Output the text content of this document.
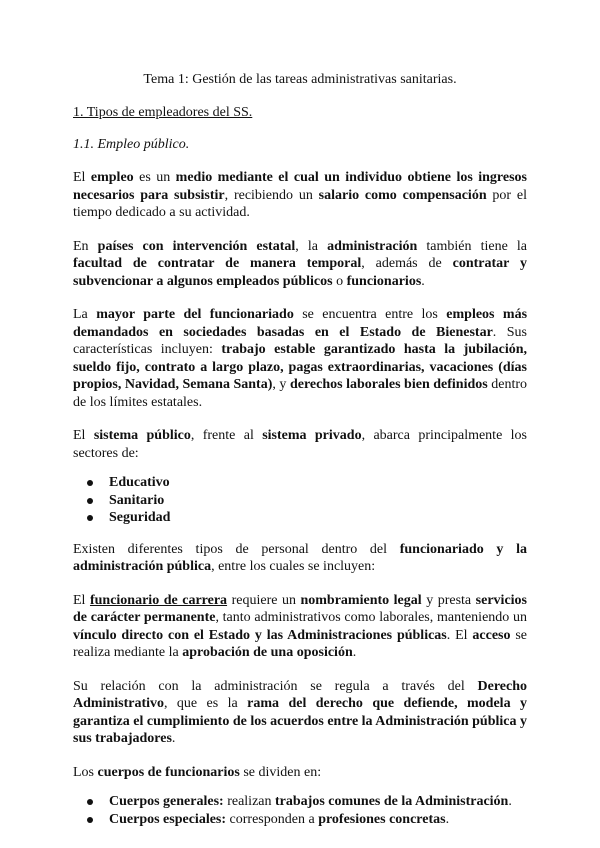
Tema 1: Gestión de las tareas administrativas sanitarias.
1. Tipos de empleadores del SS.
1.1. Empleo público.

El empleo es un medio mediante el cual un individuo obtiene los ingresos necesarios para subsistir, recibiendo un salario como compensación por el tiempo dedicado a su actividad.

En países con intervención estatal, la administración también tiene la facultad de contratar de manera temporal, además de contratar y subvencionar a algunos empleados públicos o funcionarios.

La mayor parte del funcionariado se encuentra entre los empleos más demandados en sociedades basadas en el Estado de Bienestar. Sus características incluyen: trabajo estable garantizado hasta la jubilación, sueldo fijo, contrato a largo plazo, pagas extraordinarias, vacaciones (días propios, Navidad, Semana Santa), y derechos laborales bien definidos dentro de los límites estatales.

El sistema público, frente al sistema privado, abarca principalmente los sectores de:

Educativo
Sanitario
Seguridad

Existen diferentes tipos de personal dentro del funcionariado y la administración pública, entre los cuales se incluyen:

El funcionario de carrera requiere un nombramiento legal y presta servicios de carácter permanente, tanto administrativos como laborales, manteniendo un vínculo directo con el Estado y las Administraciones públicas. El acceso se realiza mediante la aprobación de una oposición.

Su relación con la administración se regula a través del Derecho Administrativo, que es la rama del derecho que defiende, modela y garantiza el cumplimiento de los acuerdos entre la Administración pública y sus trabajadores.

Los cuerpos de funcionarios se dividen en:

Cuerpos generales: realizan trabajos comunes de la Administración.
Cuerpos especiales: corresponden a profesiones concretas.
